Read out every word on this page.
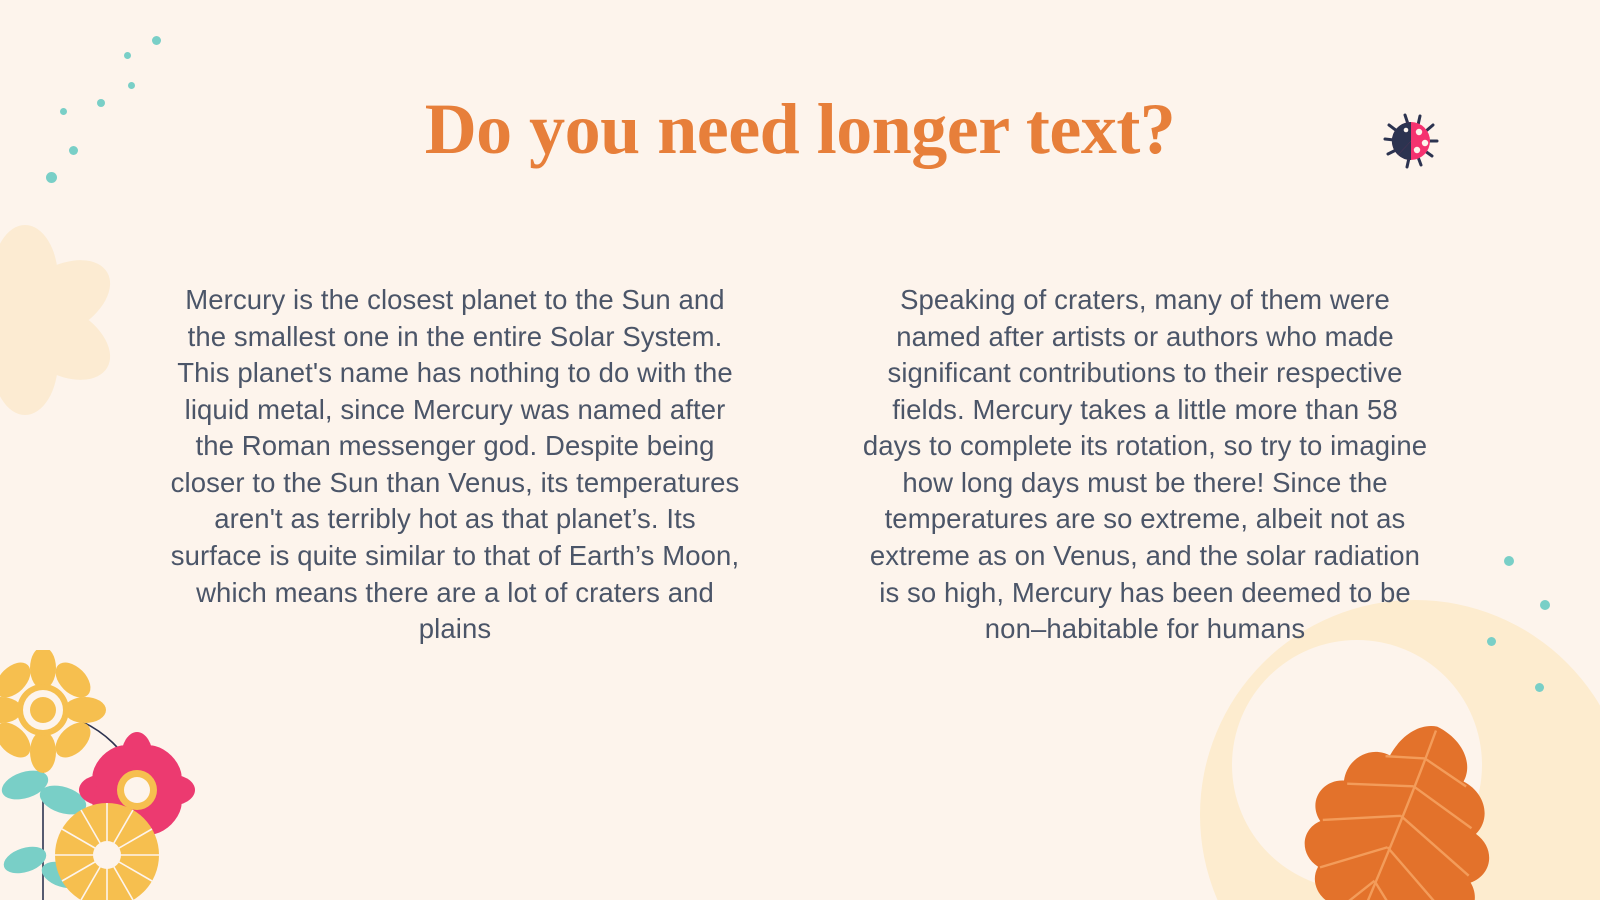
Do you need longer text?
Mercury is the closest planet to the Sun and the smallest one in the entire Solar System. This planet's name has nothing to do with the liquid metal, since Mercury was named after the Roman messenger god. Despite being closer to the Sun than Venus, its temperatures aren't as terribly hot as that planet’s. Its surface is quite similar to that of Earth’s Moon, which means there are a lot of craters and plains
Speaking of craters, many of them were named after artists or authors who made significant contributions to their respective fields. Mercury takes a little more than 58 days to complete its rotation, so try to imagine how long days must be there! Since the temperatures are so extreme, albeit not as extreme as on Venus, and the solar radiation is so high, Mercury has been deemed to be non–habitable for humans
